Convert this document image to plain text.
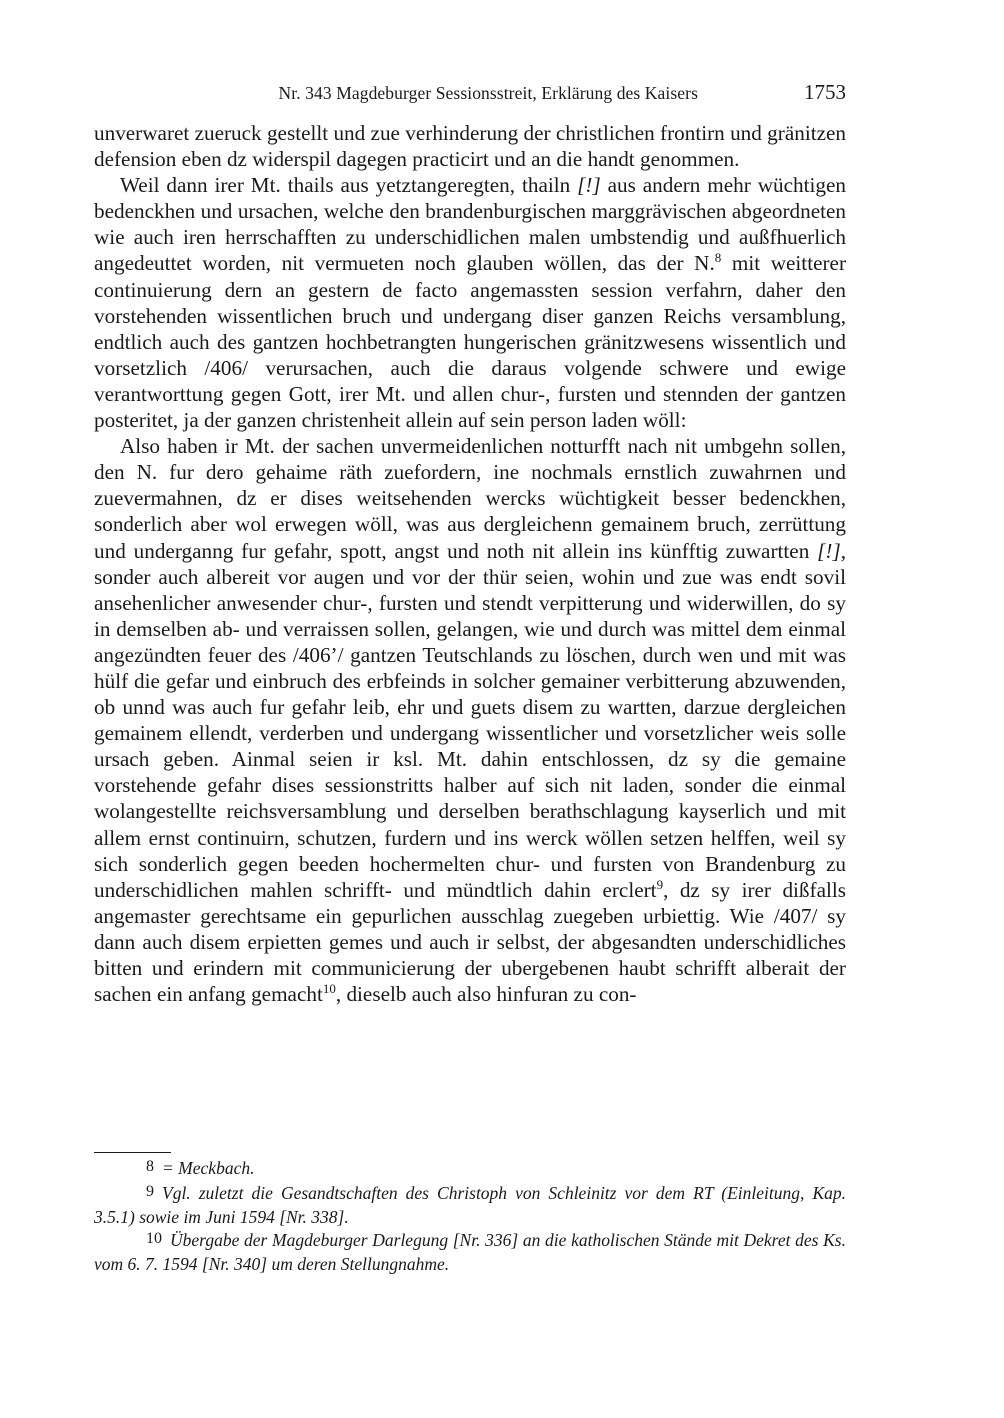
Nr. 343 Magdeburger Sessionsstreit, Erklärung des Kaisers	1753

unverwaret zueruck gestellt und zue verhinderung der christlichen frontirn und gränitzen defension eben dz widerspil dagegen practicirt und an die handt genommen.

Weil dann irer Mt. thails aus yetztangeregten, thailn [!] aus andern mehr wüchtigen bedenckhen und ursachen, welche den brandenburgischen marggrävischen abgeordneten wie auch iren herrschafften zu underschidlichen malen umbstendig und außfhuerlich angedeuttet worden, nit vermueten noch glauben wöllen, das der N.$^8$ mit weitterer continuierung dern an gestern de facto angemassten session verfahrn, daher den vorstehenden wissentlichen bruch und undergang diser ganzen Reichs versamblung, endtlich auch des gantzen hochbetrangten hungerischen gränitzwesens wissentlich und vorsetzlich /406/ verursachen, auch die daraus volgende schwere und ewige verantworttung gegen Gott, irer Mt. und allen chur-, fursten und stennden der gantzen posteritet, ja der ganzen christenheit allein auf sein person laden wöll:

Also haben ir Mt. der sachen unvermeidenlichen notturfft nach nit umbgehn sollen, den N. fur dero gehaime räth zuefordern, ine nochmals ernstlich zuwahrnen und zuevermahnen, dz er dises weitsehenden wercks wüchtigkeit besser bedenckhen, sonderlich aber wol erwegen wöll, was aus dergleichenn gemainem bruch, zerrüttung und underganng fur gefahr, spott, angst und noth nit allein ins künfftig zuwartten [!], sonder auch albereit vor augen und vor der thür seien, wohin und zue was endt sovil ansehenlicher anwesender chur-, fursten und stendt verpitterung und widerwillen, do sy in demselben ab- und verraissen sollen, gelangen, wie und durch was mittel dem einmal angezündten feuer des /406’/ gantzen Teutschlands zu löschen, durch wen und mit was hülf die gefar und einbruch des erbfeinds in solcher gemainer verbitterung abzuwenden, ob unnd was auch fur gefahr leib, ehr und guets disem zu wartten, darzue dergleichen gemainem ellendt, verderben und undergang wissentlicher und vorsetzlicher weis solle ursach geben. Ainmal seien ir ksl. Mt. dahin entschlossen, dz sy die gemaine vorstehende gefahr dises sessionstritts halber auf sich nit laden, sonder die einmal wolangestellte reichsversamblung und derselben berathschlagung kayserlich und mit allem ernst continuirn, schutzen, furdern und ins werck wöllen setzen helffen, weil sy sich sonderlich gegen beeden hochermelten chur- und fursten von Brandenburg zu underschidlichen mahlen schrifft- und mündtlich dahin erclert$^9$, dz sy irer dißfalls angemaster gerechtsame ein gepurlichen ausschlag zuegeben urbiettig. Wie /407/ sy dann auch disem erpietten gemes und auch ir selbst, der abgesandten underschidliches bitten und erindern mit communicierung der ubergebenen haubt schrifft alberait der sachen ein anfang gemacht$^{10}$, dieselb auch also hinfuran zu con-

8 = Meckbach.

9 Vgl. zuletzt die Gesandtschaften des Christoph von Schleinitz vor dem RT (Einleitung, Kap. 3.5.1) sowie im Juni 1594 [Nr. 338].

10 Übergabe der Magdeburger Darlegung [Nr. 336] an die katholischen Stände mit Dekret des Ks. vom 6. 7. 1594 [Nr. 340] um deren Stellungnahme.
